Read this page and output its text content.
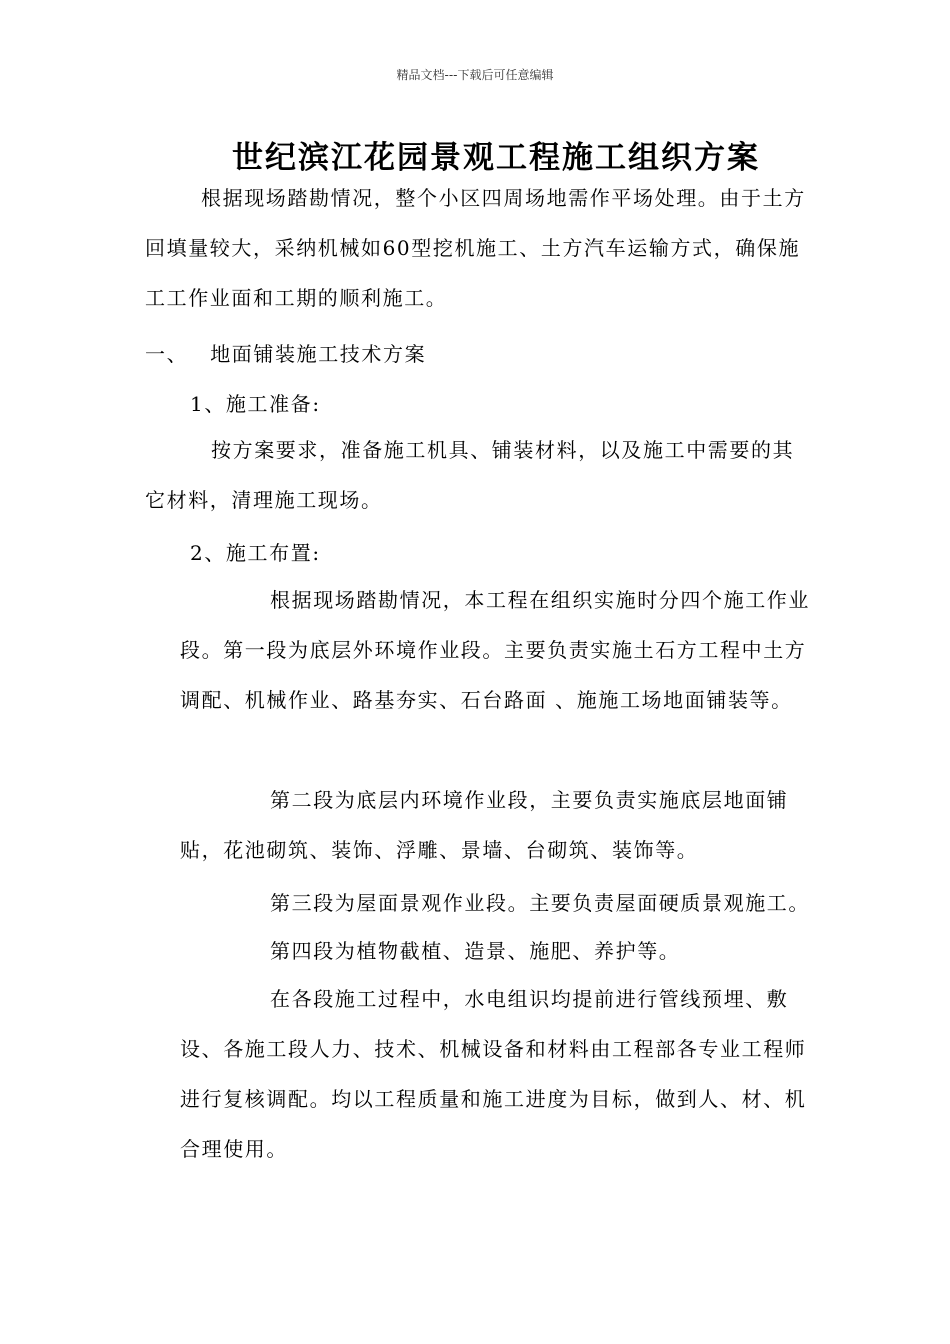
精品文档---下载后可任意编辑
世纪滨江花园景观工程施工组织方案
根据现场踏勘情况，整个小区四周场地需作平场处理。由于土方回填量较大，采纳机械如60型挖机施工、土方汽车运输方式，确保施工工作业面和工期的顺利施工。
一、 地面铺装施工技术方案
1、施工准备:
按方案要求，准备施工机具、铺装材料，以及施工中需要的其它材料，清理施工现场。
2、施工布置:
根据现场踏勘情况，本工程在组织实施时分四个施工作业段。第一段为底层外环境作业段。主要负责实施土石方工程中土方调配、机械作业、路基夯实、石台路面 、施施工场地面铺装等。
第二段为底层内环境作业段，主要负责实施底层地面铺贴，花池砌筑、装饰、浮雕、景墙、台砌筑、装饰等。
第三段为屋面景观作业段。主要负责屋面硬质景观施工。
第四段为植物截植、造景、施肥、养护等。
在各段施工过程中，水电组识均提前进行管线预埋、敷设、各施工段人力、技术、机械设备和材料由工程部各专业工程师进行复核调配。均以工程质量和施工进度为目标，做到人、材、机合理使用。
